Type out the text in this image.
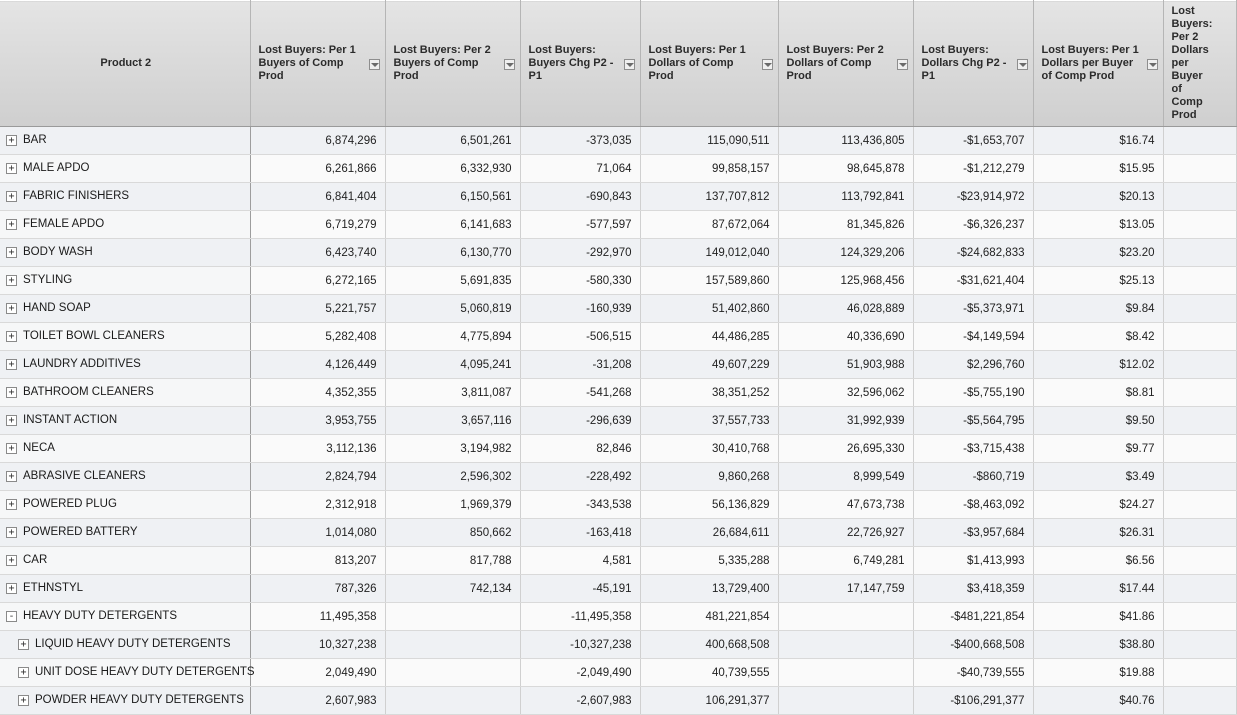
Product 2	Lost Buyers: Per 1 Buyers of Comp Prod	Lost Buyers: Per 2 Buyers of Comp Prod	Lost Buyers: Buyers Chg P2 -P1	Lost Buyers: Per 1 Dollars of Comp Prod	Lost Buyers: Per 2 Dollars of Comp Prod	Lost Buyers: Dollars Chg P2 -P1	Lost Buyers: Per 1 Dollars per Buyer of Comp Prod	Lost Buyers: Per 2 Dollars per Buyer of Comp Prod

+ BAR	6,874,296	6,501,261	-373,035	115,090,511	113,436,805	-$1,653,707	$16.74	
+ MALE APDO	6,261,866	6,332,930	71,064	99,858,157	98,645,878	-$1,212,279	$15.95	
+ FABRIC FINISHERS	6,841,404	6,150,561	-690,843	137,707,812	113,792,841	-$23,914,972	$20.13	
+ FEMALE APDO	6,719,279	6,141,683	-577,597	87,672,064	81,345,826	-$6,326,237	$13.05	
+ BODY WASH	6,423,740	6,130,770	-292,970	149,012,040	124,329,206	-$24,682,833	$23.20	
+ STYLING	6,272,165	5,691,835	-580,330	157,589,860	125,968,456	-$31,621,404	$25.13	
+ HAND SOAP	5,221,757	5,060,819	-160,939	51,402,860	46,028,889	-$5,373,971	$9.84	
+ TOILET BOWL CLEANERS	5,282,408	4,775,894	-506,515	44,486,285	40,336,690	-$4,149,594	$8.42	
+ LAUNDRY ADDITIVES	4,126,449	4,095,241	-31,208	49,607,229	51,903,988	$2,296,760	$12.02	
+ BATHROOM CLEANERS	4,352,355	3,811,087	-541,268	38,351,252	32,596,062	-$5,755,190	$8.81	
+ INSTANT ACTION	3,953,755	3,657,116	-296,639	37,557,733	31,992,939	-$5,564,795	$9.50	
+ NECA	3,112,136	3,194,982	82,846	30,410,768	26,695,330	-$3,715,438	$9.77	
+ ABRASIVE CLEANERS	2,824,794	2,596,302	-228,492	9,860,268	8,999,549	-$860,719	$3.49	
+ POWERED PLUG	2,312,918	1,969,379	-343,538	56,136,829	47,673,738	-$8,463,092	$24.27	
+ POWERED BATTERY	1,014,080	850,662	-163,418	26,684,611	22,726,927	-$3,957,684	$26.31	
+ CAR	813,207	817,788	4,581	5,335,288	6,749,281	$1,413,993	$6.56	
+ ETHNSTYL	787,326	742,134	-45,191	13,729,400	17,147,759	$3,418,359	$17.44	
- HEAVY DUTY DETERGENTS	11,495,358		-11,495,358	481,221,854		-$481,221,854	$41.86	
+ LIQUID HEAVY DUTY DETERGENTS	10,327,238		-10,327,238	400,668,508		-$400,668,508	$38.80	
+ UNIT DOSE HEAVY DUTY DETERGENTS	2,049,490		-2,049,490	40,739,555		-$40,739,555	$19.88	
+ POWDER HEAVY DUTY DETERGENTS	2,607,983		-2,607,983	106,291,377		-$106,291,377	$40.76	
